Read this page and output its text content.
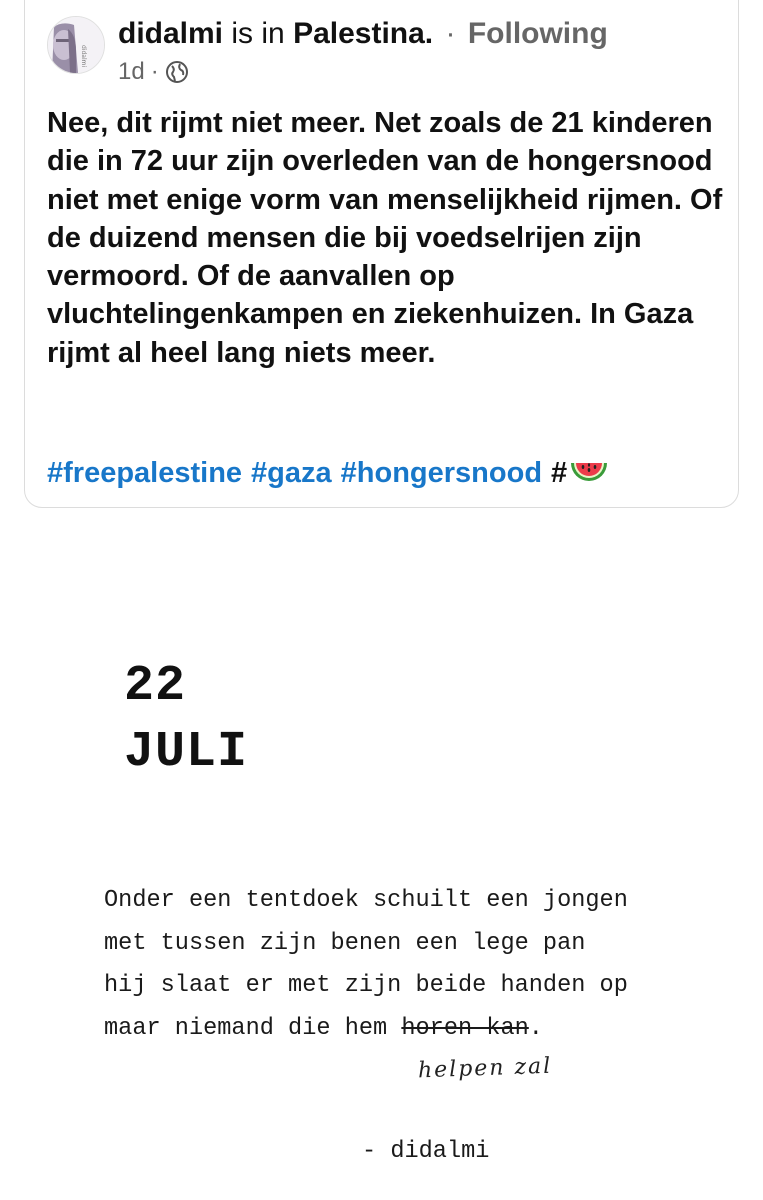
didalmi
didalmi is in Palestina. · Following
1d ·
Nee, dit rijmt niet meer. Net zoals de 21 kinderen die in 72 uur zijn overleden van de hongersnood niet met enige vorm van menselijkheid rijmen. Of de duizend mensen die bij voedselrijen zijn vermoord. Of de aanvallen op vluchtelingenkampen en ziekenhuizen. In Gaza rijmt al heel lang niets meer.
#freepalestine #gaza #hongersnood #
22
JULI
Onder een tentdoek schuilt een jongen
met tussen zijn benen een lege pan
hij slaat er met zijn beide handen op
maar niemand die hem horen kan.
helpen zal
- didalmi
